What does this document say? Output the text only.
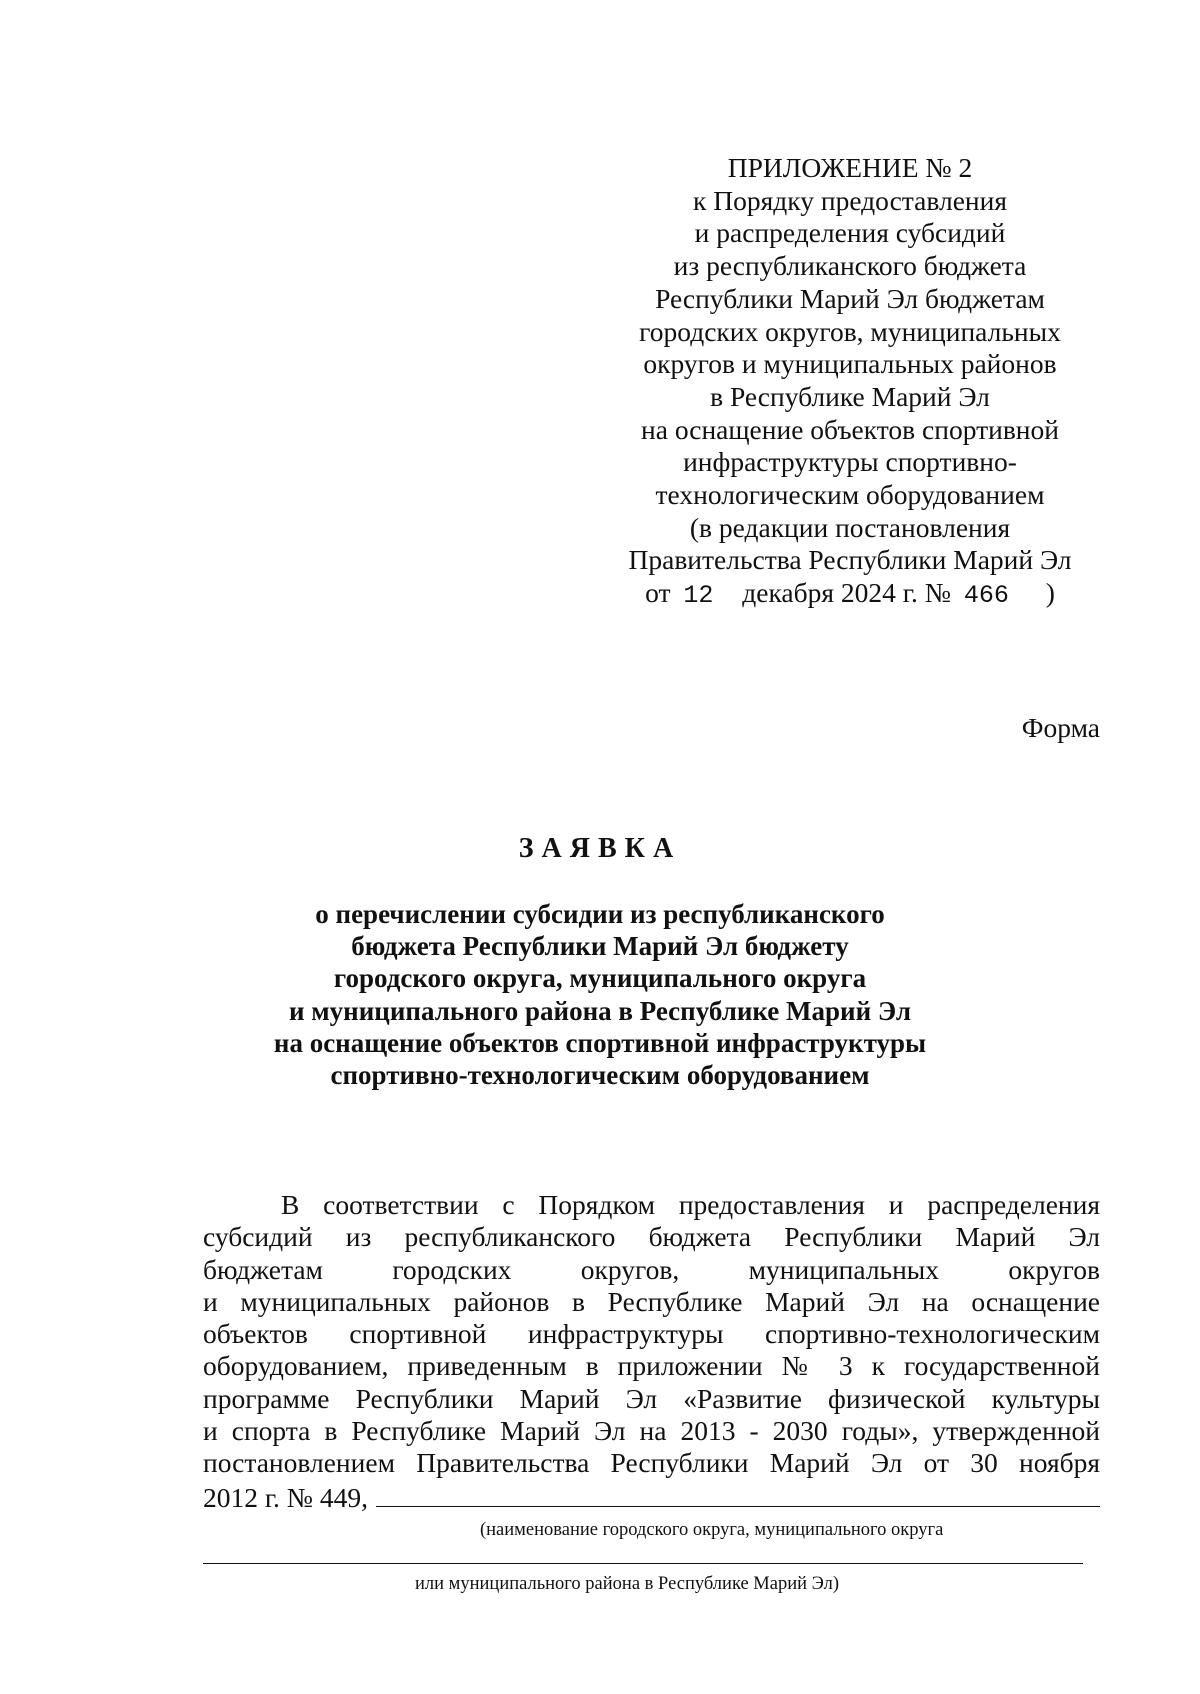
ПРИЛОЖЕНИЕ № 2
к Порядку предоставления
и распределения субсидий
из республиканского бюджета
Республики Марий Эл бюджетам
городских округов, муниципальных
округов и муниципальных районов
в Республике Марий Эл
на оснащение объектов спортивной
инфраструктуры спортивно-
технологическим оборудованием
(в редакции постановления
Правительства Республики Марий Эл
от 12 декабря 2024 г. № 466 )
Форма
ЗАЯВКА
о перечислении субсидии из республиканского
бюджета Республики Марий Эл бюджету
городского округа, муниципального округа
и муниципального района в Республике Марий Эл
на оснащение объектов спортивной инфраструктуры
спортивно-технологическим оборудованием
В соответствии с Порядком предоставления и распределения
субсидий из республиканского бюджета Республики Марий Эл
бюджетам городских округов, муниципальных округов
и муниципальных районов в Республике Марий Эл на оснащение
объектов спортивной инфраструктуры спортивно-технологическим
оборудованием, приведенным в приложении № 3 к государственной
программе Республики Марий Эл «Развитие физической культуры
и спорта в Республике Марий Эл на 2013 - 2030 годы», утвержденной
постановлением Правительства Республики Марий Эл от 30 ноября
2012 г. № 449,
(наименование городского округа, муниципального округа
или муниципального района в Республике Марий Эл)
